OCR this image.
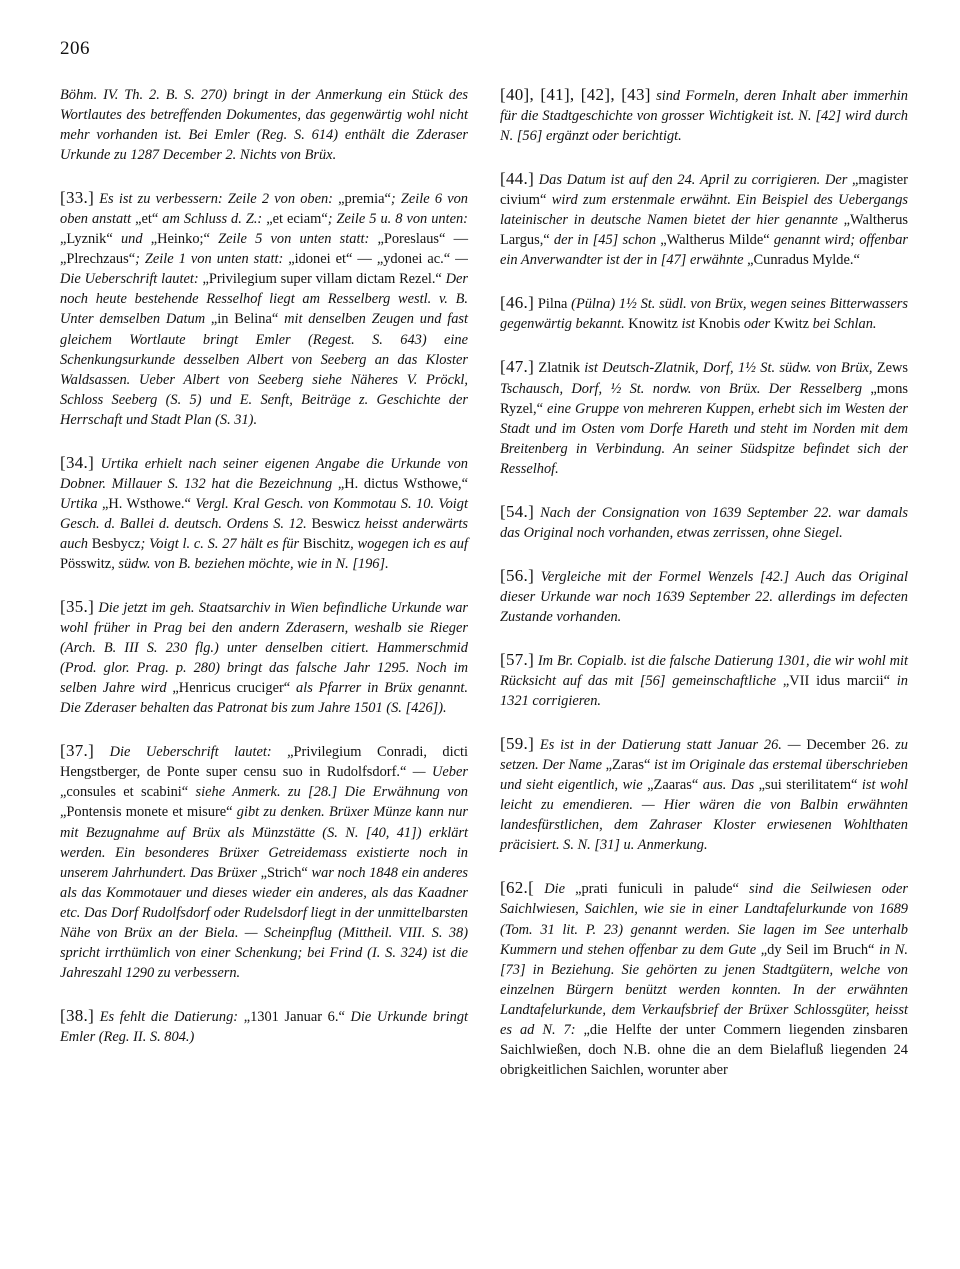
206

Böhm. IV. Th. 2. B. S. 270) bringt in der Anmerkung ein Stück des Wortlautes des betreffenden Dokumentes, das gegenwärtig wohl nicht mehr vorhanden ist. Bei Emler (Reg. S. 614) enthält die Zderaser Urkunde zu 1287 December 2. Nichts von Brüx.

[33.] Es ist zu verbessern: Zeile 2 von oben: „premia“; Zeile 6 von oben anstatt „et“ am Schluss d. Z.: „et eciam“; Zeile 5 u. 8 von unten: „Lyznik“ und „Heinko;“ Zeile 5 von unten statt: „Poreslaus“ — „Plrechzaus“; Zeile 1 von unten statt: „idonei et“ — „ydonei ac.“ — Die Ueberschrift lautet: „Privilegium super villam dictam Rezel.“ Der noch heute bestehende Resselhof liegt am Resselberg westl. v. B. Unter demselben Datum „in Belina“ mit denselben Zeugen und fast gleichem Wortlaute bringt Emler (Regest. S. 643) eine Schenkungsurkunde desselben Albert von Seeberg an das Kloster Waldsassen. Ueber Albert von Seeberg siehe Näheres V. Pröckl, Schloss Seeberg (S. 5) und E. Senft, Beiträge z. Geschichte der Herrschaft und Stadt Plan (S. 31).

[34.] Urtika erhielt nach seiner eigenen Angabe die Urkunde von Dobner. Millauer S. 132 hat die Bezeichnung „H. dictus Wsthowe,“ Urtika „H. Wsthowe.“ Vergl. Kral Gesch. von Kommotau S. 10. Voigt Gesch. d. Ballei d. deutsch. Ordens S. 12. Beswicz heisst anderwärts auch Besbycz; Voigt l. c. S. 27 hält es für Bischitz, wogegen ich es auf Pösswitz, südw. von B. beziehen möchte, wie in N. [196].

[35.] Die jetzt im geh. Staatsarchiv in Wien befindliche Urkunde war wohl früher in Prag bei den andern Zderasern, weshalb sie Rieger (Arch. B. III S. 230 flg.) unter denselben citiert. Hammerschmid (Prod. glor. Prag. p. 280) bringt das falsche Jahr 1295. Noch im selben Jahre wird „Henricus cruciger“ als Pfarrer in Brüx genannt. Die Zderaser behalten das Patronat bis zum Jahre 1501 (S. [426]).

[37.] Die Ueberschrift lautet: „Privilegium Conradi, dicti Hengstberger, de Ponte super censu suo in Rudolfsdorf.“ — Ueber „consules et scabini“ siehe Anmerk. zu [28.] Die Erwähnung von „Pontensis monete et misure“ gibt zu denken. Brüxer Münze kann nur mit Bezugnahme auf Brüx als Münzstätte (S. N. [40, 41]) erklärt werden. Ein besonderes Brüxer Getreidemass existierte noch in unserem Jahrhundert. Das Brüxer „Strich“ war noch 1848 ein anderes als das Kommotauer und dieses wieder ein anderes, als das Kaadner etc. Das Dorf Rudolfsdorf oder Rudelsdorf liegt in der unmittelbarsten Nähe von Brüx an der Biela. — Scheinpflug (Mittheil. VIII. S. 38) spricht irrthümlich von einer Schenkung; bei Frind (I. S. 324) ist die Jahreszahl 1290 zu verbessern.

[38.] Es fehlt die Datierung: „1301 Januar 6.“ Die Urkunde bringt Emler (Reg. II. S. 804.)

[40], [41], [42], [43] sind Formeln, deren Inhalt aber immerhin für die Stadtgeschichte von grosser Wichtigkeit ist. N. [42] wird durch N. [56] ergänzt oder berichtigt.

[44.] Das Datum ist auf den 24. April zu corrigieren. Der „magister civium“ wird zum erstenmale erwähnt. Ein Beispiel des Uebergangs lateinischer in deutsche Namen bietet der hier genannte „Waltherus Largus,“ der in [45] schon „Waltherus Milde“ genannt wird; offenbar ein Anverwandter ist der in [47] erwähnte „Cunradus Mylde.“

[46.] Pilna (Pülna) 1½ St. südl. von Brüx, wegen seines Bitterwassers gegenwärtig bekannt. Knowitz ist Knobis oder Kwitz bei Schlan.

[47.] Zlatnik ist Deutsch-Zlatnik, Dorf, 1½ St. südw. von Brüx, Zews Tschausch, Dorf, ½ St. nordw. von Brüx. Der Resselberg „mons Ryzel,“ eine Gruppe von mehreren Kuppen, erhebt sich im Westen der Stadt und im Osten vom Dorfe Hareth und steht im Norden mit dem Breitenberg in Verbindung. An seiner Südspitze befindet sich der Resselhof.

[54.] Nach der Consignation von 1639 September 22. war damals das Original noch vorhanden, etwas zerrissen, ohne Siegel.

[56.] Vergleiche mit der Formel Wenzels [42.] Auch das Original dieser Urkunde war noch 1639 September 22. allerdings im defecten Zustande vorhanden.

[57.] Im Br. Copialb. ist die falsche Datierung 1301, die wir wohl mit Rücksicht auf das mit [56] gemeinschaftliche „VII idus marcii“ in 1321 corrigieren.

[59.] Es ist in der Datierung statt Januar 26. — December 26. zu setzen. Der Name „Zaras“ ist im Originale das erstemal überschrieben und sieht eigentlich, wie „Zaaras“ aus. Das „sui sterilitatem“ ist wohl leicht zu emendieren. — Hier wären die von Balbin erwähnten landesfürstlichen, dem Zahraser Kloster erwiesenen Wohlthaten präcisiert. S. N. [31] u. Anmerkung.

[62.[ Die „prati funiculi in palude“ sind die Seilwiesen oder Saichlwiesen, Saichlen, wie sie in einer Landtafelurkunde von 1689 (Tom. 31 lit. P. 23) genannt werden. Sie lagen im See unterhalb Kummern und stehen offenbar zu dem Gute „dy Seil im Bruch“ in N. [73] in Beziehung. Sie gehörten zu jenen Stadtgütern, welche von einzelnen Bürgern benützt werden konnten. In der erwähnten Landtafelurkunde, dem Verkaufsbrief der Brüxer Schlossgüter, heisst es ad N. 7: „die Helfte der unter Commern liegenden zinsbaren Saichlwießen, doch N.B. ohne die an dem Bielafluß liegenden 24 obrigkeitlichen Saichlen, worunter aber
